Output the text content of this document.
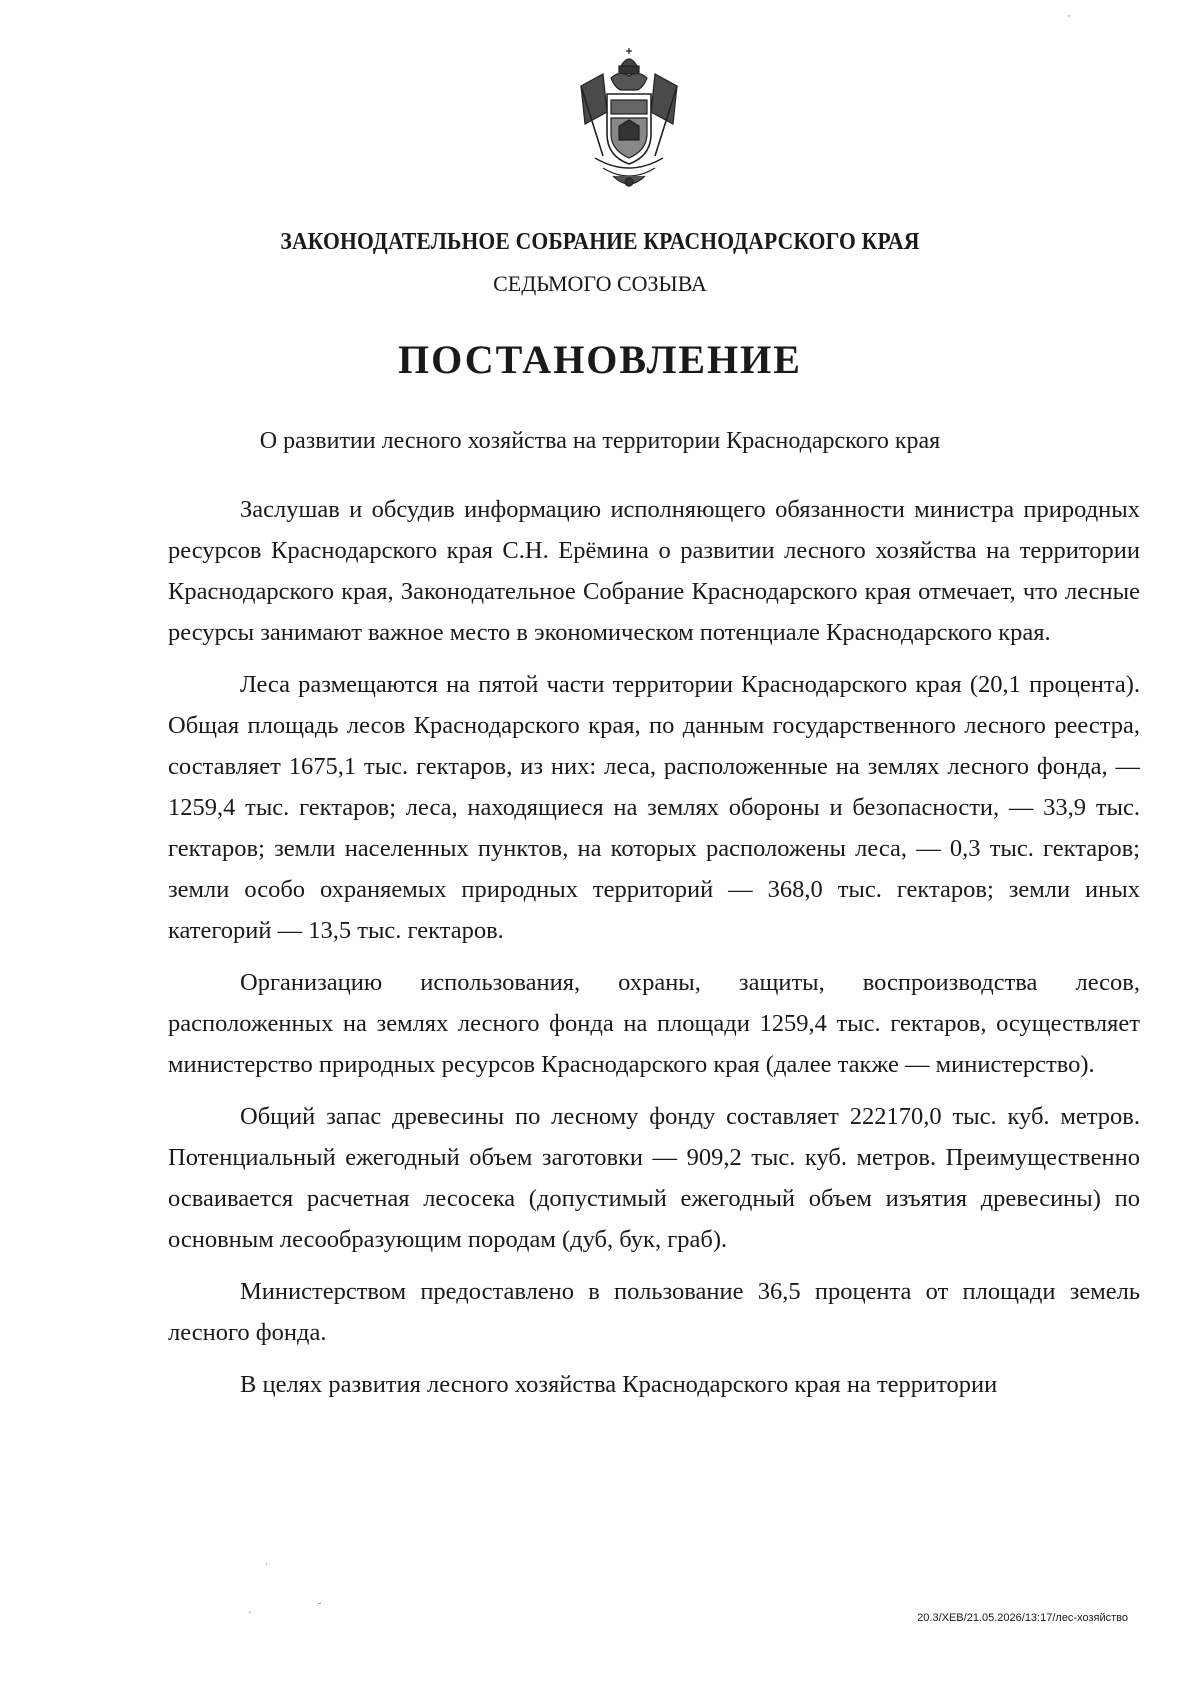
ЗАКОНОДАТЕЛЬНОЕ СОБРАНИЕ КРАСНОДАРСКОГО КРАЯ
СЕДЬМОГО СОЗЫВА
ПОСТАНОВЛЕНИЕ
О развитии лесного хозяйства на территории Краснодарского края

Заслушав и обсудив информацию исполняющего обязанности министра природных ресурсов Краснодарского края С.Н. Ерёмина о развитии лесного хозяйства на территории Краснодарского края, Законодательное Собрание Краснодарского края отмечает, что лесные ресурсы занимают важное место в экономическом потенциале Краснодарского края.

Леса размещаются на пятой части территории Краснодарского края (20,1 процента). Общая площадь лесов Краснодарского края, по данным государственного лесного реестра, составляет 1675,1 тыс. гектаров, из них: леса, расположенные на землях лесного фонда, — 1259,4 тыс. гектаров; леса, находящиеся на землях обороны и безопасности, — 33,9 тыс. гектаров; земли населенных пунктов, на которых расположены леса, — 0,3 тыс. гектаров; земли особо охраняемых природных территорий — 368,0 тыс. гектаров; земли иных категорий — 13,5 тыс. гектаров.

Организацию использования, охраны, защиты, воспроизводства лесов, расположенных на землях лесного фонда на площади 1259,4 тыс. гектаров, осуществляет министерство природных ресурсов Краснодарского края (далее также — министерство).

Общий запас древесины по лесному фонду составляет 222170,0 тыс. куб. метров. Потенциальный ежегодный объем заготовки — 909,2 тыс. куб. метров. Преимущественно осваивается расчетная лесосека (допустимый ежегодный объем изъятия древесины) по основным лесообразующим породам (дуб, бук, граб).

Министерством предоставлено в пользование 36,5 процента от площади земель лесного фонда.

В целях развития лесного хозяйства Краснодарского края на территории

·
·
-
'
20.3/ХЕВ/21.05.2026/13:17/лес-хозяйство
